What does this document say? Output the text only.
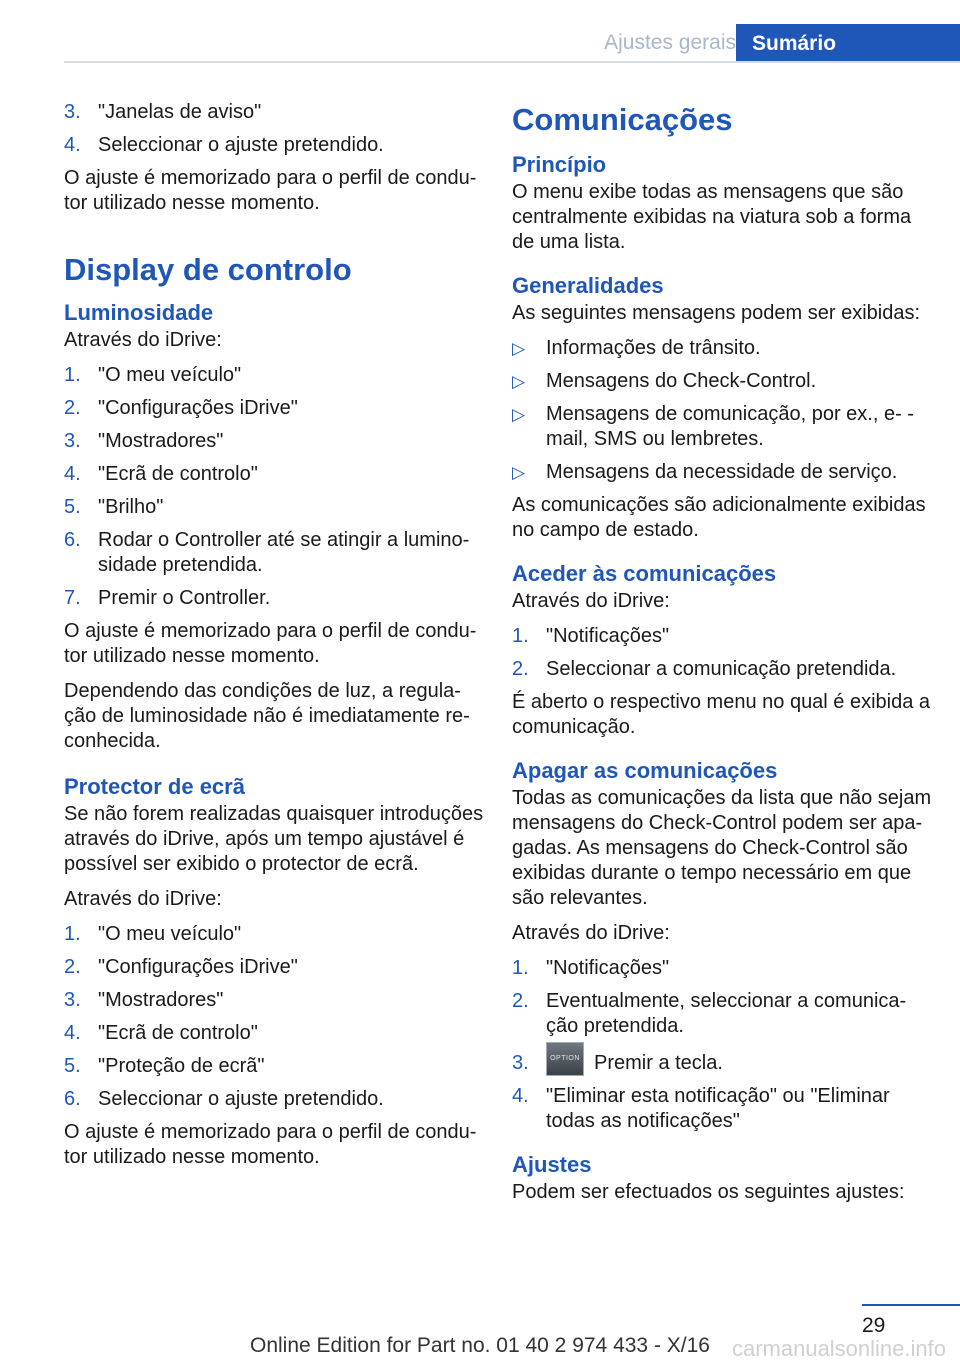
Ajustes gerais Sumário
3. "Janelas de aviso"
4. Seleccionar o ajuste pretendido.

O ajuste é memorizado para o perfil de condu‐ tor utilizado nesse momento.

Display de controlo
Luminosidade

Através do iDrive:

1. "O meu veículo"
2. "Configurações iDrive"
3. "Mostradores"
4. "Ecrã de controlo"
5. "Brilho"
6. Rodar o Controller até se atingir a lumino‐ sidade pretendida.
7. Premir o Controller.

O ajuste é memorizado para o perfil de condu‐ tor utilizado nesse momento.

Dependendo das condições de luz, a regula‐ ção de luminosidade não é imediatamente re‐ conhecida.

Protector de ecrã

Se não forem realizadas quaisquer introduções através do iDrive, após um tempo ajustável é possível ser exibido o protector de ecrã.

Através do iDrive:

1. "O meu veículo"
2. "Configurações iDrive"
3. "Mostradores"
4. "Ecrã de controlo"
5. "Proteção de ecrã"
6. Seleccionar o ajuste pretendido.

O ajuste é memorizado para o perfil de condu‐ tor utilizado nesse momento.

Comunicações
Princípio

O menu exibe todas as mensagens que são centralmente exibidas na viatura sob a forma de uma lista.

Generalidades

As seguintes mensagens podem ser exibidas:

▷ Informações de trânsito.
▷ Mensagens do Check-Control.
▷ Mensagens de comunicação, por ex., e- -mail, SMS ou lembretes.
▷ Mensagens da necessidade de serviço.

As comunicações são adicionalmente exibidas no campo de estado.

Aceder às comunicações

Através do iDrive:

1. "Notificações"
2. Seleccionar a comunicação pretendida.

É aberto o respectivo menu no qual é exibida a comunicação.

Apagar as comunicações

Todas as comunicações da lista que não sejam mensagens do Check-Control podem ser apa‐ gadas. As mensagens do Check-Control são exibidas durante o tempo necessário em que são relevantes.

Através do iDrive:

1. "Notificações"
2. Eventualmente, seleccionar a comunica‐ ção pretendida.
3.	OPTION Premir a tecla.
4. "Eliminar esta notificação" ou "Eliminar todas as notificações"
Ajustes

Podem ser efectuados os seguintes ajustes:

29
Online Edition for Part no. 01 40 2 974 433 - X/16 carmanualsonline.info
